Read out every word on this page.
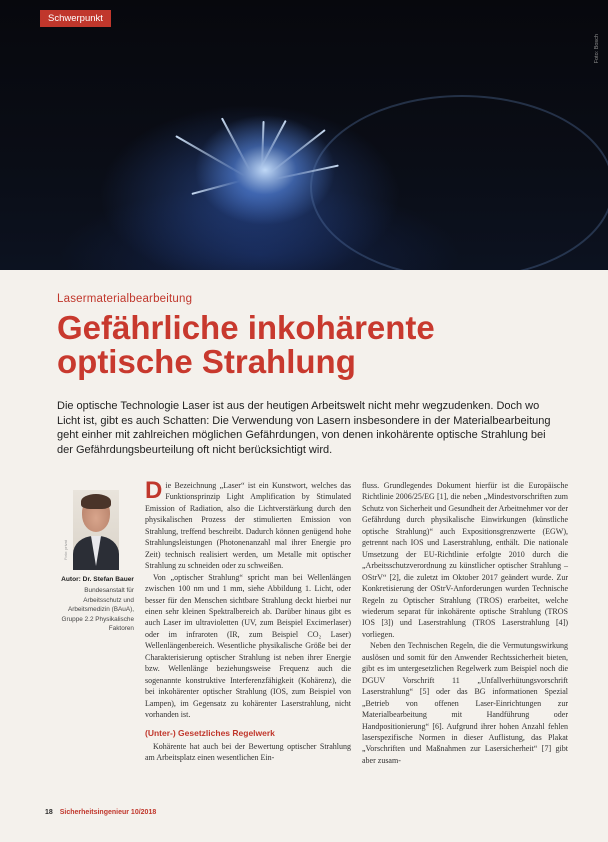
Schwerpunkt
Foto: Bosch
Lasermaterialbearbeitung
Gefährliche inkohärente
optische Strahlung
Die optische Technologie Laser ist aus der heutigen Arbeitswelt nicht mehr wegzudenken. Doch wo Licht ist, gibt es auch Schatten: Die Verwendung von Lasern insbesondere in der Materialbearbeitung geht einher mit zahlreichen möglichen Gefährdungen, von denen inkohärente optische Strahlung bei der Gefährdungsbeurteilung oft nicht berücksichtigt wird.
Foto: privat
Autor: Dr. Stefan Bauer
Bundesanstalt für Arbeitsschutz und Arbeitsmedizin (BAuA), Gruppe 2.2 Physikalische Faktoren

Die Bezeichnung „Laser“ ist ein Kunstwort, welches das Funktionsprinzip Light Amplification by Stimulated Emission of Radiation, also die Lichtverstärkung durch den physikalischen Prozess der stimulierten Emission von Strahlung, treffend beschreibt. Dadurch können genügend hohe Strahlungsleistungen (Photonenanzahl mal ihrer Energie pro Zeit) technisch realisiert werden, um Metalle mit optischer Strahlung zu schneiden oder zu schweißen.

Von „optischer Strahlung“ spricht man bei Wellenlängen zwischen 100 nm und 1 mm, siehe Abbildung 1. Licht, oder besser für den Menschen sichtbare Strahlung deckt hierbei nur einen sehr kleinen Spektralbereich ab. Darüber hinaus gibt es auch Laser im ultravioletten (UV, zum Beispiel Excimerlaser) oder im infraroten (IR, zum Beispiel CO₂ Laser) Wellenlängenbereich. Wesentliche physikalische Größe bei der Charakterisierung optischer Strahlung ist neben ihrer Energie bzw. Wellenlänge beziehungsweise Frequenz auch die sogenannte konstruktive Interferenzfähigkeit (Kohärenz), die bei inkohärenter optischer Strahlung (IOS, zum Beispiel von Lampen), im Gegensatz zu kohärenter Laserstrahlung, nicht vorhanden ist.

(Unter-) Gesetzliches Regelwerk

Kohärente hat auch bei der Bewertung optischer Strahlung am Arbeitsplatz einen wesentlichen Ein-

fluss. Grundlegendes Dokument hierfür ist die Europäische Richtlinie 2006/25/EG [1], die neben „Mindestvorschriften zum Schutz von Sicherheit und Gesundheit der Arbeitnehmer vor der Gefährdung durch physikalische Einwirkungen (künstliche optische Strahlung)“ auch Expositionsgrenzwerte (EGW), getrennt nach IOS und Laserstrahlung, enthält. Die nationale Umsetzung der EU-Richtlinie erfolgte 2010 durch die „Arbeitsschutzverordnung zu künstlicher optischer Strahlung – OStrV“ [2], die zuletzt im Oktober 2017 geändert wurde. Zur Konkretisierung der OStrV-Anforderungen wurden Technische Regeln zu Optischer Strahlung (TROS) erarbeitet, welche wiederum separat für inkohärente optische Strahlung (TROS IOS [3]) und Laserstrahlung (TROS Laserstrahlung [4]) vorliegen.

Neben den Technischen Regeln, die die Vermutungswirkung auslösen und somit für den Anwender Rechtssicherheit bieten, gibt es im untergesetzlichen Regelwerk zum Beispiel noch die DGUV Vorschrift 11 „Unfallverhütungsvorschrift Laserstrahlung“ [5] oder das BG informationen Spezial „Betrieb von offenen Laser-Einrichtungen zur Materialbearbeitung mit Handführung oder Handpositionierung“ [6]. Aufgrund ihrer hohen Anzahl fehlen laserspezifische Normen in dieser Auflistung, das Plakat „Vorschriften und Maßnahmen zur Lasersicherheit“ [7] gibt aber zusam-

18 Sicherheitsingenieur 10/2018
